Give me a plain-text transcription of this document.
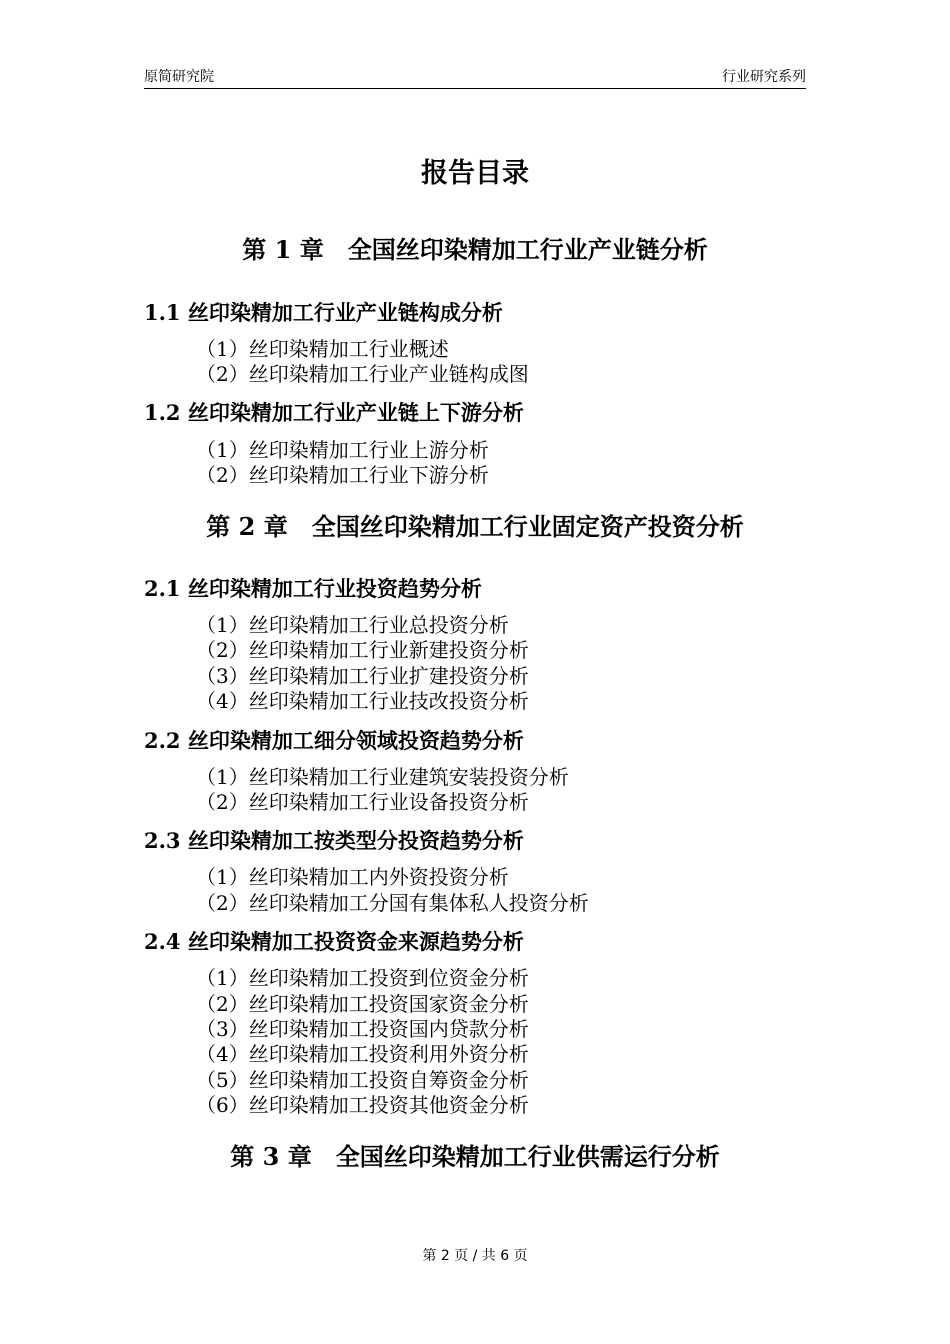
原简研究院	行业研究系列
报告目录
第 1 章　全国丝印染精加工行业产业链分析
1.1 丝印染精加工行业产业链构成分析
（1）丝印染精加工行业概述
（2）丝印染精加工行业产业链构成图
1.2 丝印染精加工行业产业链上下游分析
（1）丝印染精加工行业上游分析
（2）丝印染精加工行业下游分析
第 2 章　全国丝印染精加工行业固定资产投资分析
2.1 丝印染精加工行业投资趋势分析
（1）丝印染精加工行业总投资分析
（2）丝印染精加工行业新建投资分析
（3）丝印染精加工行业扩建投资分析
（4）丝印染精加工行业技改投资分析
2.2 丝印染精加工细分领域投资趋势分析
（1）丝印染精加工行业建筑安装投资分析
（2）丝印染精加工行业设备投资分析
2.3 丝印染精加工按类型分投资趋势分析
（1）丝印染精加工内外资投资分析
（2）丝印染精加工分国有集体私人投资分析
2.4 丝印染精加工投资资金来源趋势分析
（1）丝印染精加工投资到位资金分析
（2）丝印染精加工投资国家资金分析
（3）丝印染精加工投资国内贷款分析
（4）丝印染精加工投资利用外资分析
（5）丝印染精加工投资自筹资金分析
（6）丝印染精加工投资其他资金分析
第 3 章　全国丝印染精加工行业供需运行分析
第 2 页 / 共 6 页
